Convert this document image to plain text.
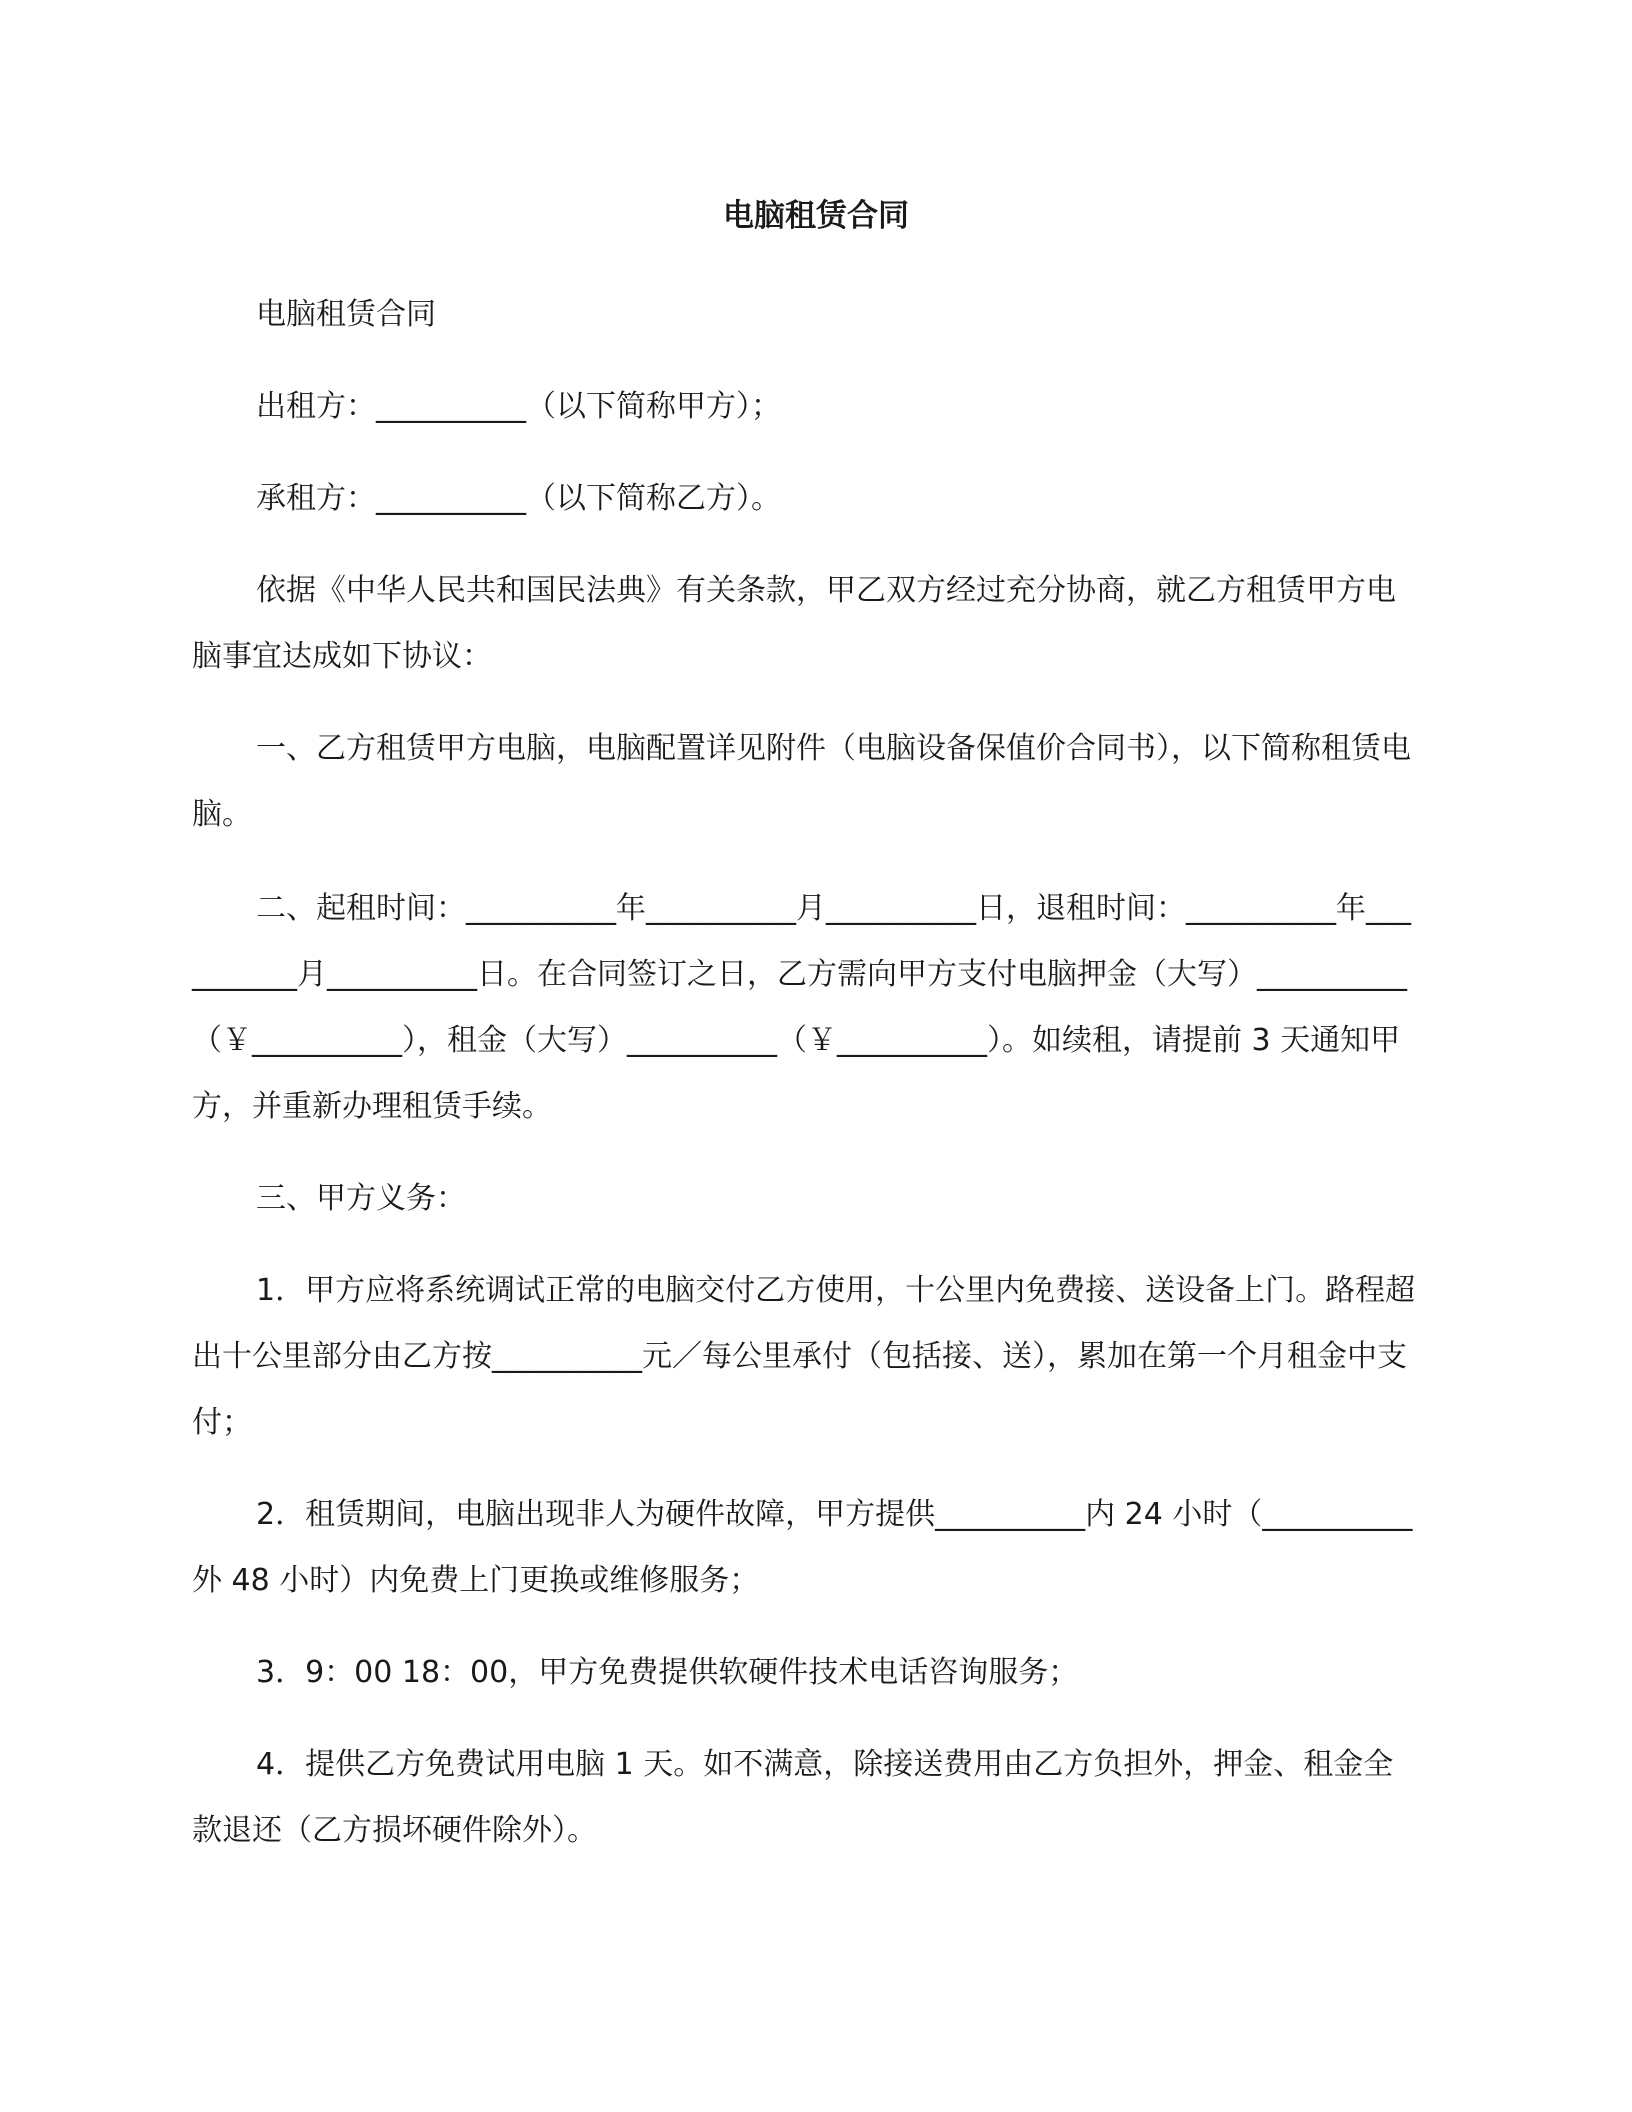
电脑租赁合同
电脑租赁合同
出租方：__________（以下简称甲方）；
承租方：__________（以下简称乙方）。
依据《中华人民共和国民法典》有关条款，甲乙双方经过充分协商，就乙方租赁甲方电脑事宜达成如下协议：
一、乙方租赁甲方电脑，电脑配置详见附件（电脑设备保值价合同书），以下简称租赁电脑。
二、起租时间：__________年__________月__________日，退租时间：__________年__________月__________日。在合同签订之日，乙方需向甲方支付电脑押金（大写）__________（￥__________），租金（大写）__________（￥__________）。如续租，请提前 3 天通知甲方，并重新办理租赁手续。
三、甲方义务：
1．甲方应将系统调试正常的电脑交付乙方使用，十公里内免费接、送设备上门。路程超出十公里部分由乙方按__________元／每公里承付（包括接、送），累加在第一个月租金中支付；
2．租赁期间，电脑出现非人为硬件故障，甲方提供__________内 24 小时（__________外 48 小时）内免费上门更换或维修服务；
3．9：00 18：00，甲方免费提供软硬件技术电话咨询服务；
4．提供乙方免费试用电脑 1 天。如不满意，除接送费用由乙方负担外，押金、租金全款退还（乙方损坏硬件除外）。
